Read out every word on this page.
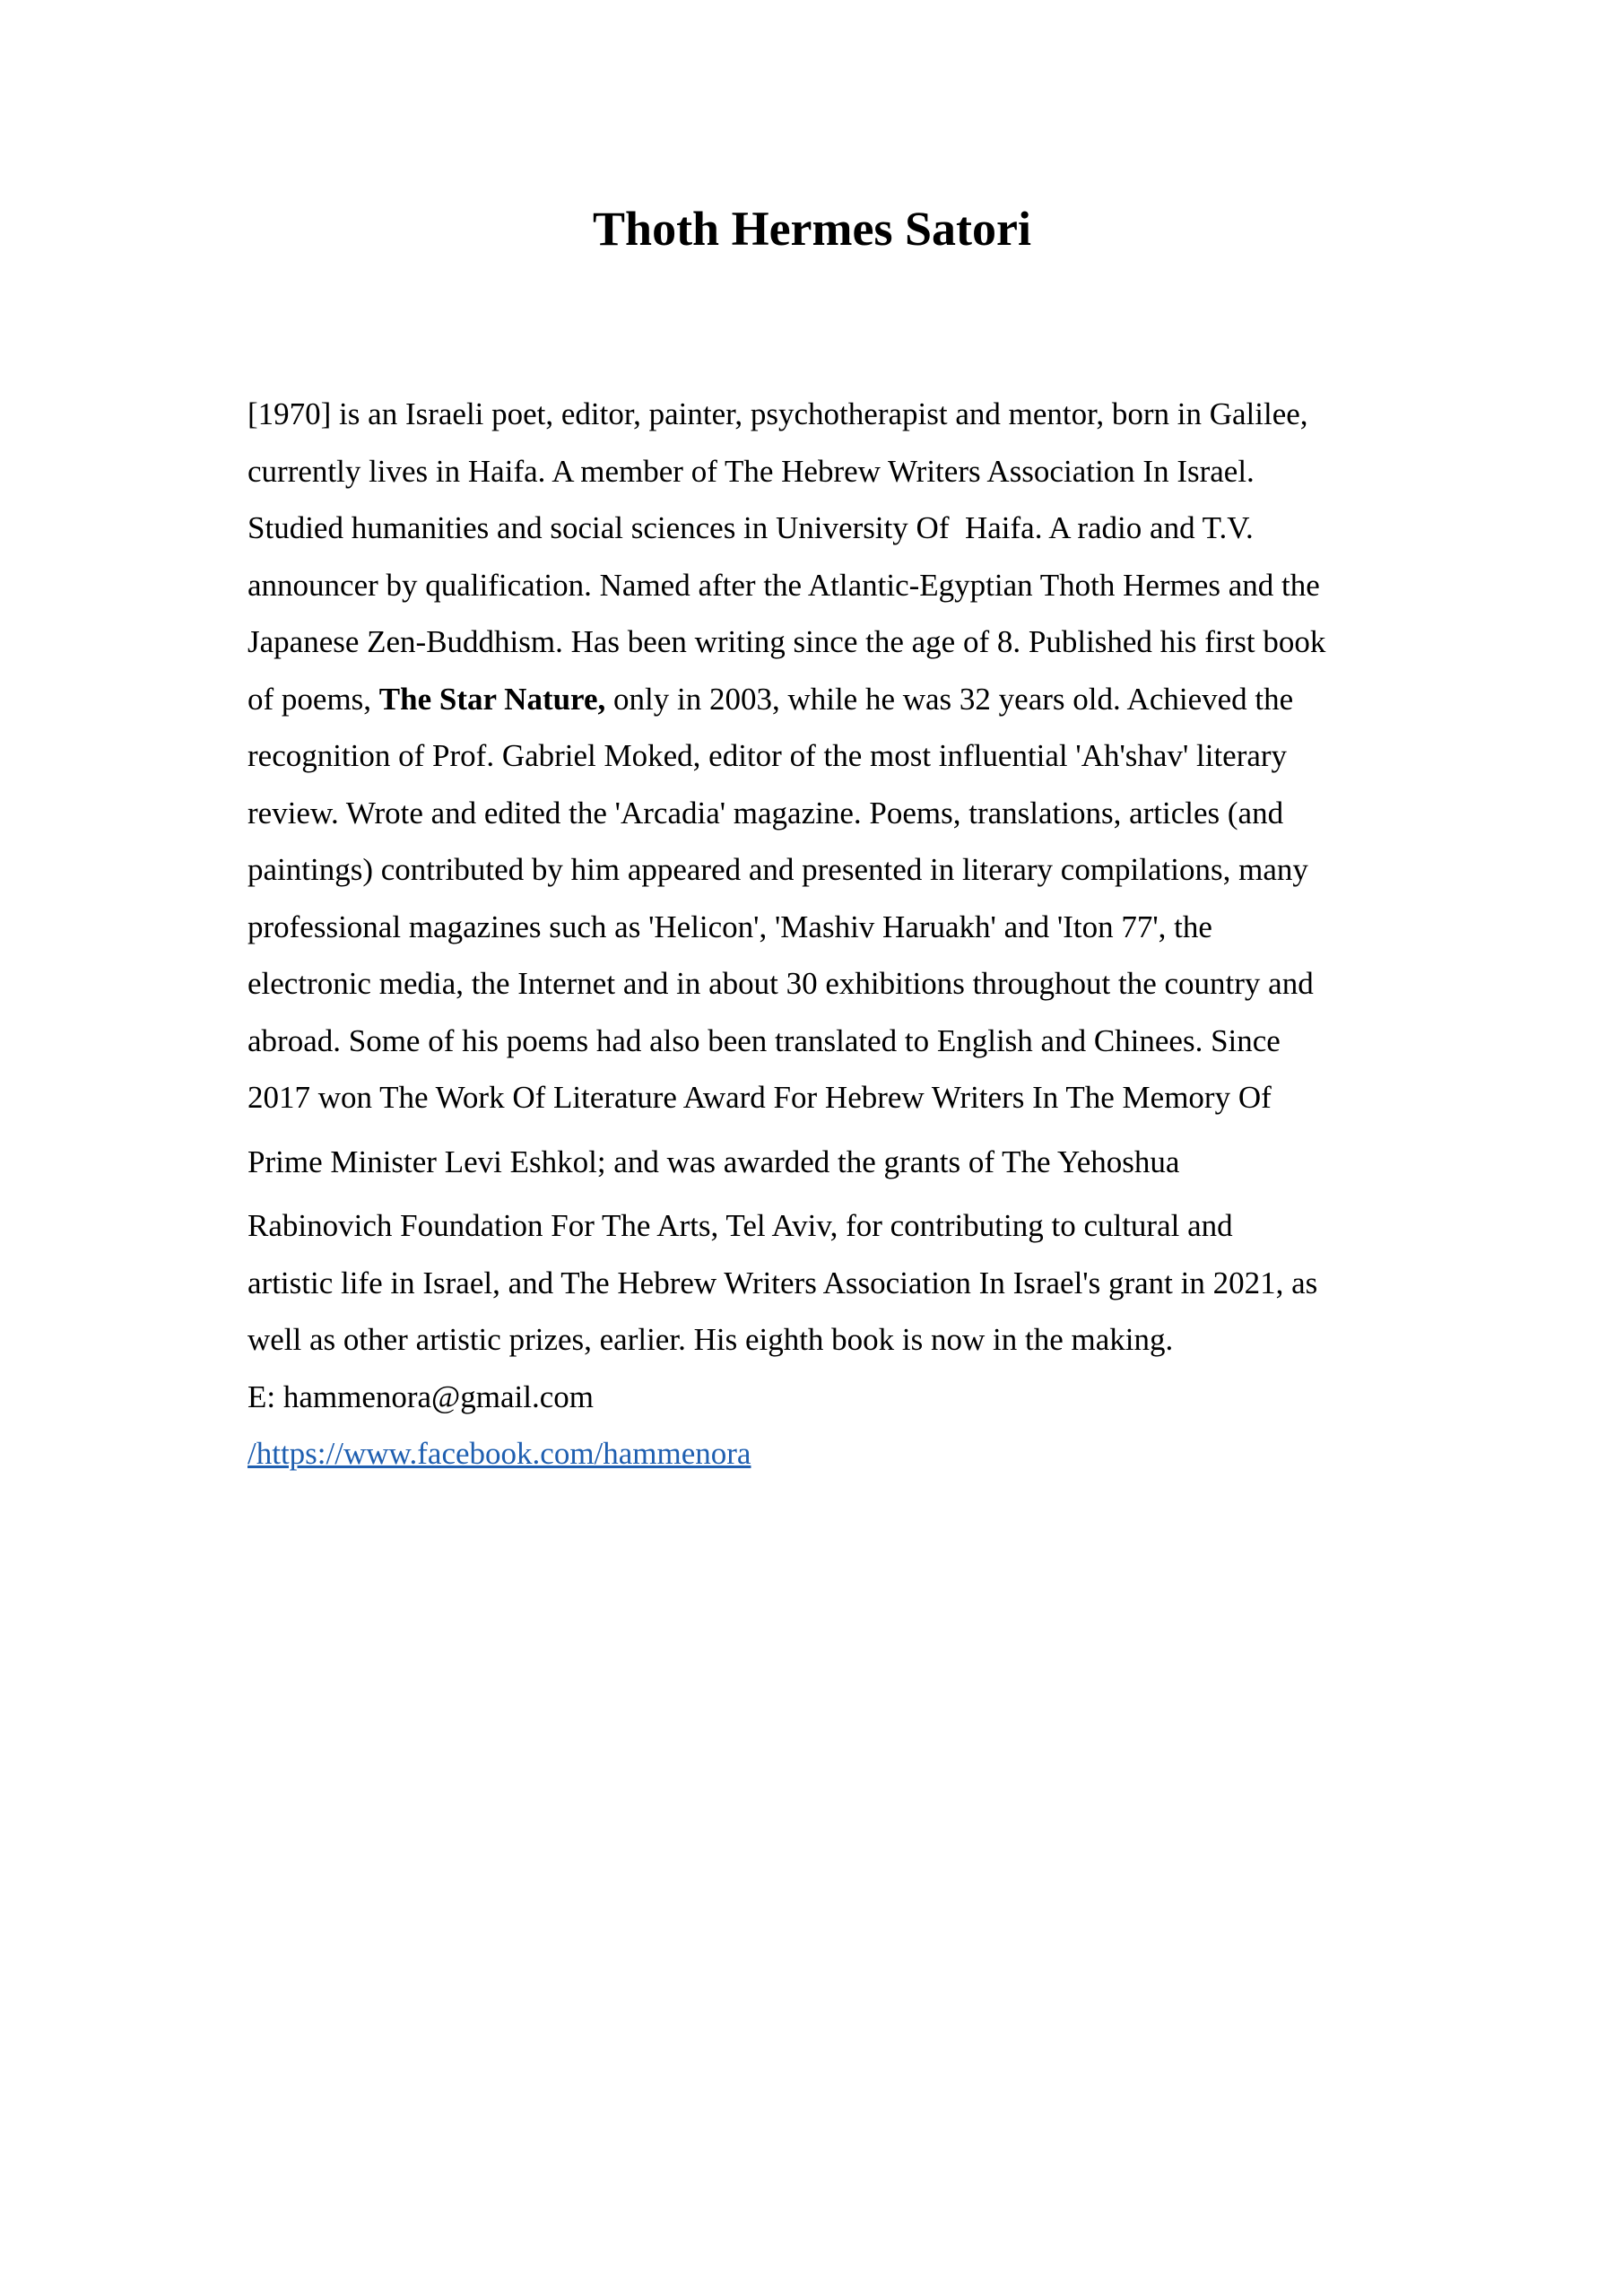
Thoth Hermes Satori
[1970] is an Israeli poet, editor, painter, psychotherapist and mentor, born in Galilee,
currently lives in Haifa. A member of The Hebrew Writers Association In Israel.
Studied humanities and social sciences in University Of  Haifa. A radio and T.V.
announcer by qualification. Named after the Atlantic-Egyptian Thoth Hermes and the
Japanese Zen-Buddhism. Has been writing since the age of 8. Published his first book
of poems, The Star Nature, only in 2003, while he was 32 years old. Achieved the
recognition of Prof. Gabriel Moked, editor of the most influential 'Ah'shav' literary
review. Wrote and edited the 'Arcadia' magazine. Poems, translations, articles (and
paintings) contributed by him appeared and presented in literary compilations, many
professional magazines such as 'Helicon', 'Mashiv Haruakh' and 'Iton 77', the
electronic media, the Internet and in about 30 exhibitions throughout the country and
abroad. Some of his poems had also been translated to English and Chinees. Since
2017 won The Work Of Literature Award For Hebrew Writers In The Memory Of
Prime Minister Levi Eshkol; and was awarded the grants of The Yehoshua
Rabinovich Foundation For The Arts, Tel Aviv, for contributing to cultural and
artistic life in Israel, and The Hebrew Writers Association In Israel's grant in 2021, as
well as other artistic prizes, earlier. His eighth book is now in the making.
E: hammenora@gmail.com
/https://www.facebook.com/hammenora
